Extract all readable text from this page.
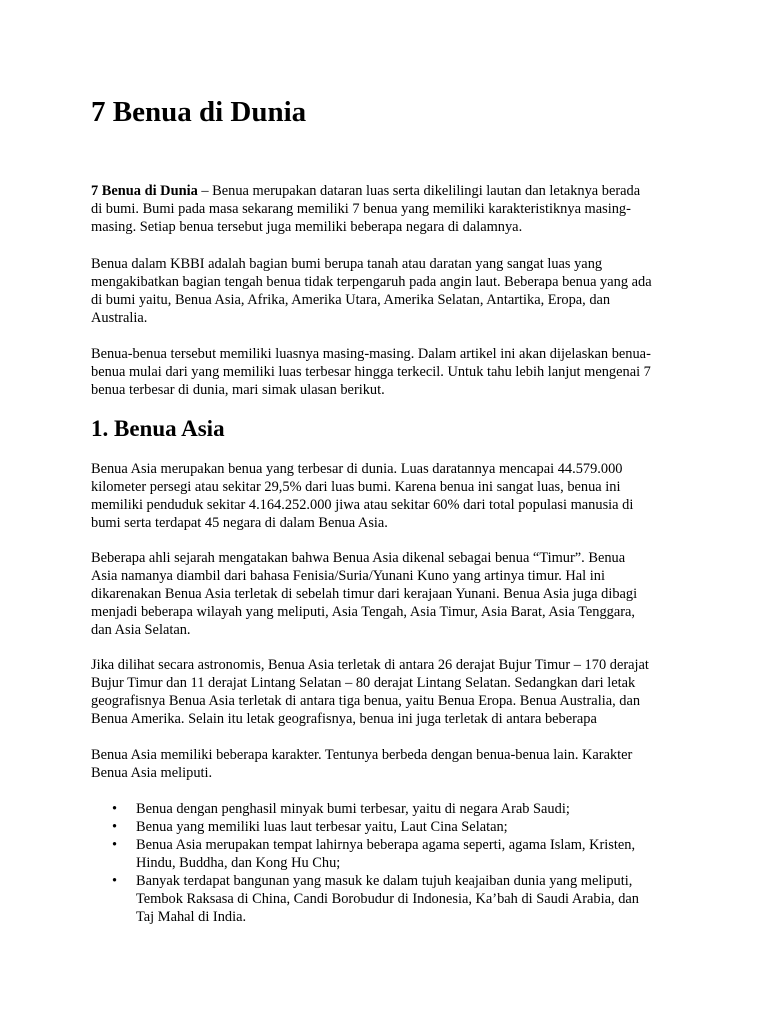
7 Benua di Dunia
7 Benua di Dunia – Benua merupakan dataran luas serta dikelilingi lautan dan letaknya berada
di bumi. Bumi pada masa sekarang memiliki 7 benua yang memiliki karakteristiknya masing-
masing. Setiap benua tersebut juga memiliki beberapa negara di dalamnya.
Benua dalam KBBI adalah bagian bumi berupa tanah atau daratan yang sangat luas yang
mengakibatkan bagian tengah benua tidak terpengaruh pada angin laut. Beberapa benua yang ada
di bumi yaitu, Benua Asia, Afrika, Amerika Utara, Amerika Selatan, Antartika, Eropa, dan
Australia.
Benua-benua tersebut memiliki luasnya masing-masing. Dalam artikel ini akan dijelaskan benua-
benua mulai dari yang memiliki luas terbesar hingga terkecil. Untuk tahu lebih lanjut mengenai 7
benua terbesar di dunia, mari simak ulasan berikut.
1. Benua Asia
Benua Asia merupakan benua yang terbesar di dunia. Luas daratannya mencapai 44.579.000
kilometer persegi atau sekitar 29,5% dari luas bumi. Karena benua ini sangat luas, benua ini
memiliki penduduk sekitar 4.164.252.000 jiwa atau sekitar 60% dari total populasi manusia di
bumi serta terdapat 45 negara di dalam Benua Asia.
Beberapa ahli sejarah mengatakan bahwa Benua Asia dikenal sebagai benua “Timur”. Benua
Asia namanya diambil dari bahasa Fenisia/Suria/Yunani Kuno yang artinya timur. Hal ini
dikarenakan Benua Asia terletak di sebelah timur dari kerajaan Yunani. Benua Asia juga dibagi
menjadi beberapa wilayah yang meliputi, Asia Tengah, Asia Timur, Asia Barat, Asia Tenggara,
dan Asia Selatan.
Jika dilihat secara astronomis, Benua Asia terletak di antara 26 derajat Bujur Timur – 170 derajat
Bujur Timur dan 11 derajat Lintang Selatan – 80 derajat Lintang Selatan. Sedangkan dari letak
geografisnya Benua Asia terletak di antara tiga benua, yaitu Benua Eropa. Benua Australia, dan
Benua Amerika. Selain itu letak geografisnya, benua ini juga terletak di antara beberapa
Benua Asia memiliki beberapa karakter. Tentunya berbeda dengan benua-benua lain. Karakter
Benua Asia meliputi.
• Benua dengan penghasil minyak bumi terbesar, yaitu di negara Arab Saudi;
• Benua yang memiliki luas laut terbesar yaitu, Laut Cina Selatan;
• Benua Asia merupakan tempat lahirnya beberapa agama seperti, agama Islam, Kristen,
Hindu, Buddha, dan Kong Hu Chu;
• Banyak terdapat bangunan yang masuk ke dalam tujuh keajaiban dunia yang meliputi,
Tembok Raksasa di China, Candi Borobudur di Indonesia, Ka’bah di Saudi Arabia, dan
Taj Mahal di India.
